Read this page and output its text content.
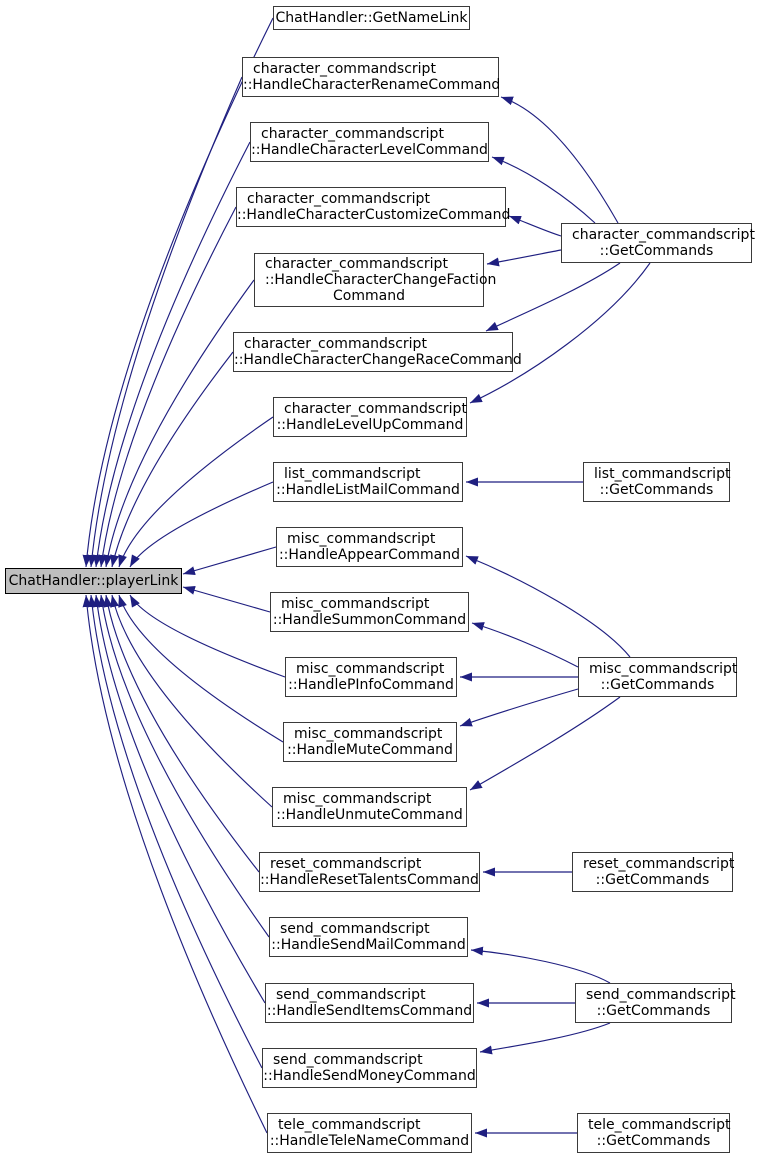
ChatHandler::playerLink
ChatHandler::GetNameLink
character_commandscript
::HandleCharacterRenameCommand
character_commandscript
::HandleCharacterLevelCommand
character_commandscript
::HandleCharacterCustomizeCommand
character_commandscript
::HandleCharacterChangeFaction
Command
character_commandscript
::HandleCharacterChangeRaceCommand
character_commandscript
::HandleLevelUpCommand
list_commandscript
::HandleListMailCommand
misc_commandscript
::HandleAppearCommand
misc_commandscript
::HandleSummonCommand
misc_commandscript
::HandlePInfoCommand
misc_commandscript
::HandleMuteCommand
misc_commandscript
::HandleUnmuteCommand
reset_commandscript
::HandleResetTalentsCommand
send_commandscript
::HandleSendMailCommand
send_commandscript
::HandleSendItemsCommand
send_commandscript
::HandleSendMoneyCommand
tele_commandscript
::HandleTeleNameCommand
character_commandscript
::GetCommands
list_commandscript
::GetCommands
misc_commandscript
::GetCommands
reset_commandscript
::GetCommands
send_commandscript
::GetCommands
tele_commandscript
::GetCommands
